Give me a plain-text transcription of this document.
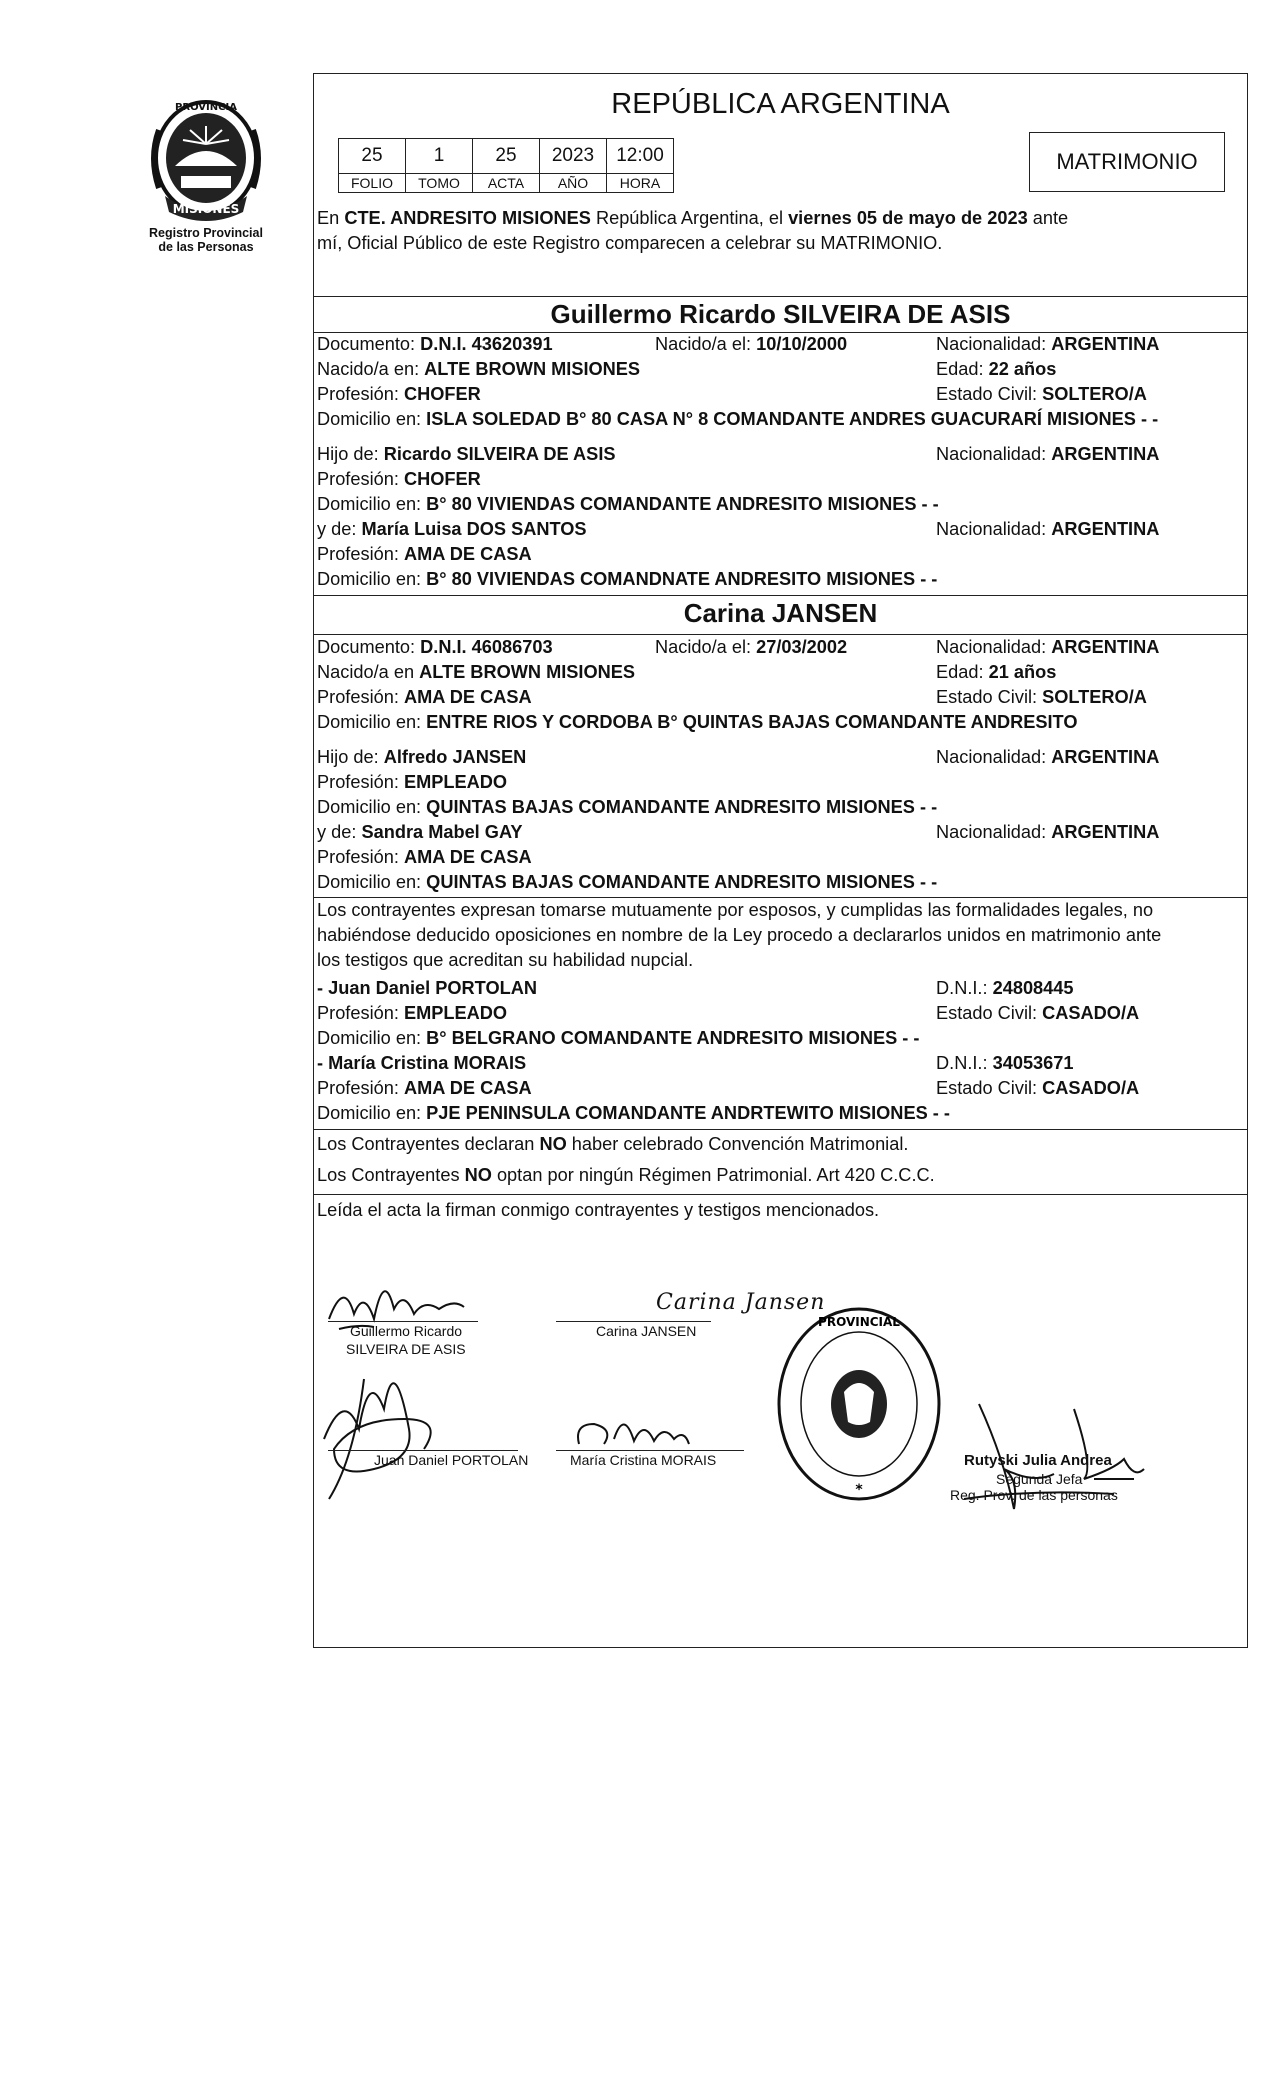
MISIONES
PROVINCIA
Registro Provincial
de las Personas
REPÚBLICA ARGENTINA
25	1	25	2023	12:00
FOLIO	TOMO	ACTA	AÑO	HORA
MATRIMONIO
En CTE. ANDRESITO MISIONES República Argentina, el viernes 05 de mayo de 2023 ante
mí, Oficial Público de este Registro comparecen a celebrar su MATRIMONIO.
Guillermo Ricardo SILVEIRA DE ASIS
Documento: D.N.I. 43620391	Nacido/a el: 10/10/2000	Nacionalidad: ARGENTINA
Nacido/a en: ALTE BROWN MISIONES	Edad: 22 años
Profesión: CHOFER	Estado Civil: SOLTERO/A
Domicilio en: ISLA SOLEDAD B° 80 CASA N° 8 COMANDANTE ANDRES GUACURARÍ MISIONES - -
Hijo de: Ricardo SILVEIRA DE ASIS	Nacionalidad: ARGENTINA
Profesión: CHOFER
Domicilio en: B° 80 VIVIENDAS COMANDANTE ANDRESITO MISIONES - -
y de: María Luisa DOS SANTOS	Nacionalidad: ARGENTINA
Profesión: AMA DE CASA
Domicilio en: B° 80 VIVIENDAS COMANDNATE ANDRESITO MISIONES - -
Carina JANSEN
Documento: D.N.I. 46086703	Nacido/a el: 27/03/2002	Nacionalidad: ARGENTINA
Nacido/a en ALTE BROWN MISIONES	Edad: 21 años
Profesión: AMA DE CASA	Estado Civil: SOLTERO/A
Domicilio en: ENTRE RIOS Y CORDOBA B° QUINTAS BAJAS COMANDANTE ANDRESITO
Hijo de: Alfredo JANSEN	Nacionalidad: ARGENTINA
Profesión: EMPLEADO
Domicilio en: QUINTAS BAJAS COMANDANTE ANDRESITO MISIONES - -
y de: Sandra Mabel GAY	Nacionalidad: ARGENTINA
Profesión: AMA DE CASA
Domicilio en: QUINTAS BAJAS COMANDANTE ANDRESITO MISIONES - -
Los contrayentes expresan tomarse mutuamente por esposos, y cumplidas las formalidades legales, no
habiéndose deducido oposiciones en nombre de la Ley procedo a declararlos unidos en matrimonio ante
los testigos que acreditan su habilidad nupcial.
- Juan Daniel PORTOLAN	D.N.I.: 24808445
Profesión: EMPLEADO	Estado Civil: CASADO/A
Domicilio en: B° BELGRANO COMANDANTE ANDRESITO MISIONES - -
- María Cristina MORAIS	D.N.I.: 34053671
Profesión: AMA DE CASA	Estado Civil: CASADO/A
Domicilio en: PJE PENINSULA COMANDANTE ANDRTEWITO MISIONES - -
Los Contrayentes declaran NO haber celebrado Convención Matrimonial.
Los Contrayentes NO optan por ningún Régimen Patrimonial. Art 420 C.C.C.
Leída el acta la firman conmigo contrayentes y testigos mencionados.
Carina Jansen
Guillermo Ricardo
SILVEIRA DE ASIS
Carina JANSEN
Juan Daniel PORTOLAN	María Cristina MORAIS
PROVINCIAL
*
Rutyski Julia Andrea
Segunda Jefa
Reg. Prov. de las personas
